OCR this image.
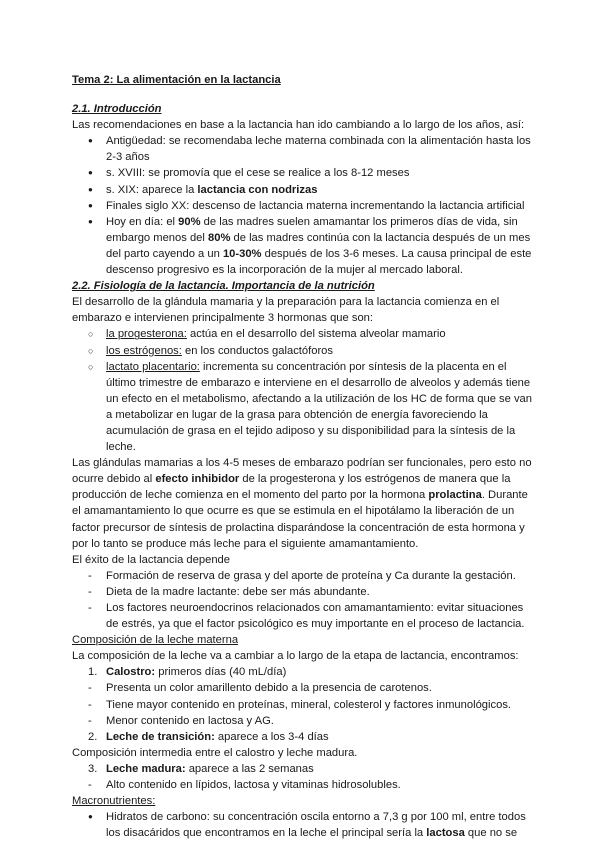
Tema 2: La alimentación en la lactancia

2.1. Introducción

Las recomendaciones en base a la lactancia han ido cambiando a lo largo de los años, así:

●
Antigüedad: se recomendaba leche materna combinada con la alimentación hasta los 2-3 años
●
s. XVIII: se promovía que el cese se realice a los 8-12 meses
●
s. XIX: aparece la lactancia con nodrizas
●
Finales siglo XX: descenso de lactancia materna incrementando la lactancia artificial
●
Hoy en día: el 90% de las madres suelen amamantar los primeros días de vida, sin embargo menos del 80% de las madres continúa con la lactancia después de un mes del parto cayendo a un 10-30% después de los 3-6 meses. La causa principal de este descenso progresivo es la incorporación de la mujer al mercado laboral.

2.2. Fisiología de la lactancia. Importancia de la nutrición

El desarrollo de la glándula mamaria y la preparación para la lactancia comienza en el embarazo e intervienen principalmente 3 hormonas que son:

○
la progesterona: actúa en el desarrollo del sistema alveolar mamario
○
los estrógenos: en los conductos galactóforos
○
lactato placentario: incrementa su concentración por síntesis de la placenta en el último trimestre de embarazo e interviene en el desarrollo de alveolos y además tiene un efecto en el metabolismo, afectando a la utilización de los HC de forma que se van a metabolizar en lugar de la grasa para obtención de energía favoreciendo la acumulación de grasa en el tejido adiposo y su disponibilidad para la síntesis de la leche.

Las glándulas mamarias a los 4-5 meses de embarazo podrían ser funcionales, pero esto no ocurre debido al efecto inhibidor de la progesterona y los estrógenos de manera que la producción de leche comienza en el momento del parto por la hormona prolactina. Durante el amamantamiento lo que ocurre es que se estimula en el hipotálamo la liberación de un factor precursor de síntesis de prolactina disparándose la concentración de esta hormona y por lo tanto se produce más leche para el siguiente amamantamiento.

El éxito de la lactancia depende

-	Formación de reserva de grasa y del aporte de proteína y Ca durante la gestación.
-	Dieta de la madre lactante: debe ser más abundante.
-	Los factores neuroendocrinos relacionados con amamantamiento: evitar situaciones de estrés, ya que el factor psicológico es muy importante en el proceso de lactancia.

Composición de la leche materna

La composición de la leche va a cambiar a lo largo de la etapa de lactancia, encontramos:

1. Calostro: primeros días (40 mL/día)
-	Presenta un color amarillento debido a la presencia de carotenos.
-	Tiene mayor contenido en proteínas, mineral, colesterol y factores inmunológicos.
-	Menor contenido en lactosa y AG.
2. Leche de transición: aparece a los 3-4 días

Composición intermedia entre el calostro y leche madura.

3. Leche madura: aparece a las 2 semanas
-	Alto contenido en lípidos, lactosa y vitaminas hidrosolubles.

Macronutrientes:

●
Hidratos de carbono: su concentración oscila entorno a 7,3 g por 100 ml, entre todos los disacáridos que encontramos en la leche el principal sería la lactosa que no se
